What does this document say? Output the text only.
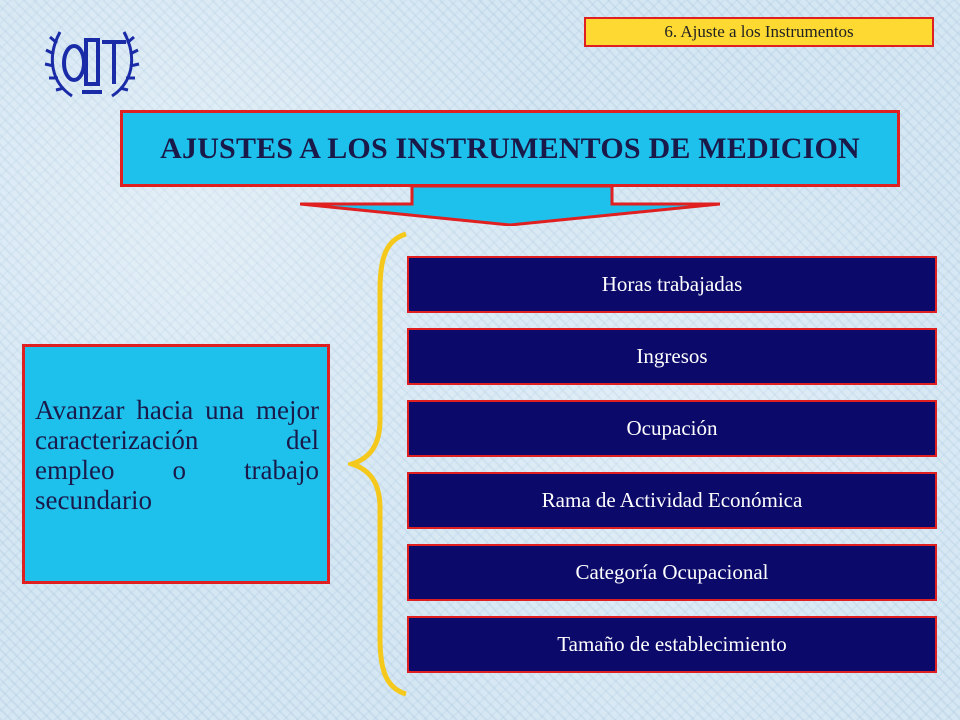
6. Ajuste a los Instrumentos
AJUSTES A LOS INSTRUMENTOS DE MEDICION
Avanzar hacia una mejor caracterización del empleo o trabajo secundario
Horas trabajadas
Ingresos
Ocupación
Rama de Actividad Económica
Categoría Ocupacional
Tamaño de establecimiento
